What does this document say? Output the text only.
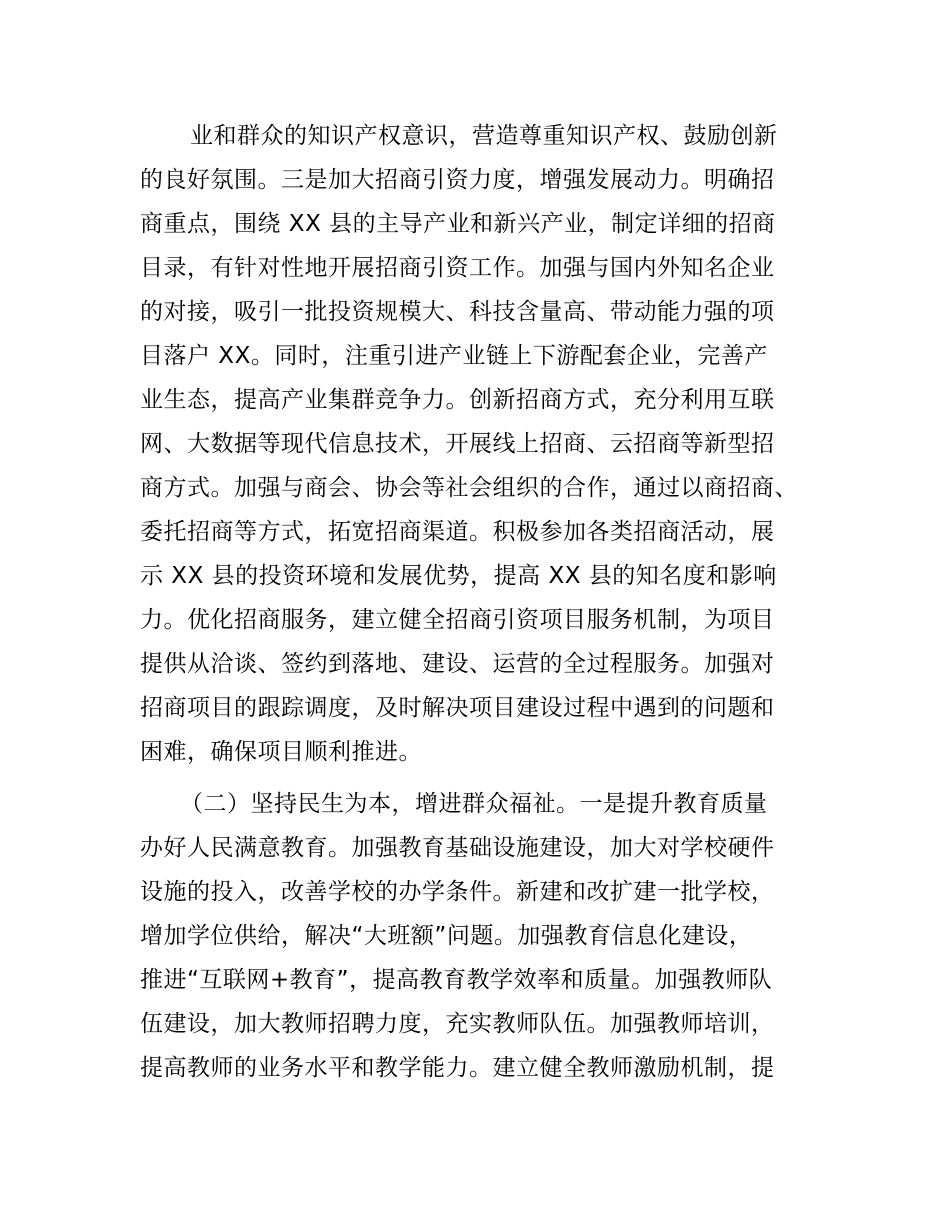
业和群众的知识产权意识，营造尊重知识产权、鼓励创新
的良好氛围。三是加大招商引资力度，增强发展动力。明确招
商重点，围绕 XX 县的主导产业和新兴产业，制定详细的招商
目录，有针对性地开展招商引资工作。加强与国内外知名企业
的对接，吸引一批投资规模大、科技含量高、带动能力强的项
目落户 XX。同时，注重引进产业链上下游配套企业，完善产
业生态，提高产业集群竞争力。创新招商方式，充分利用互联
网、大数据等现代信息技术，开展线上招商、云招商等新型招
商方式。加强与商会、协会等社会组织的合作，通过以商招商、
委托招商等方式，拓宽招商渠道。积极参加各类招商活动，展
示 XX 县的投资环境和发展优势，提高 XX 县的知名度和影响
力。优化招商服务，建立健全招商引资项目服务机制，为项目
提供从洽谈、签约到落地、建设、运营的全过程服务。加强对
招商项目的跟踪调度，及时解决项目建设过程中遇到的问题和
困难，确保项目顺利推进。
（二）坚持民生为本，增进群众福祉。一是提升教育质量
办好人民满意教育。加强教育基础设施建设，加大对学校硬件
设施的投入，改善学校的办学条件。新建和改扩建一批学校，
增加学位供给，解决“大班额”问题。加强教育信息化建设，
推进“互联网+教育”，提高教育教学效率和质量。加强教师队
伍建设，加大教师招聘力度，充实教师队伍。加强教师培训，
提高教师的业务水平和教学能力。建立健全教师激励机制，提
